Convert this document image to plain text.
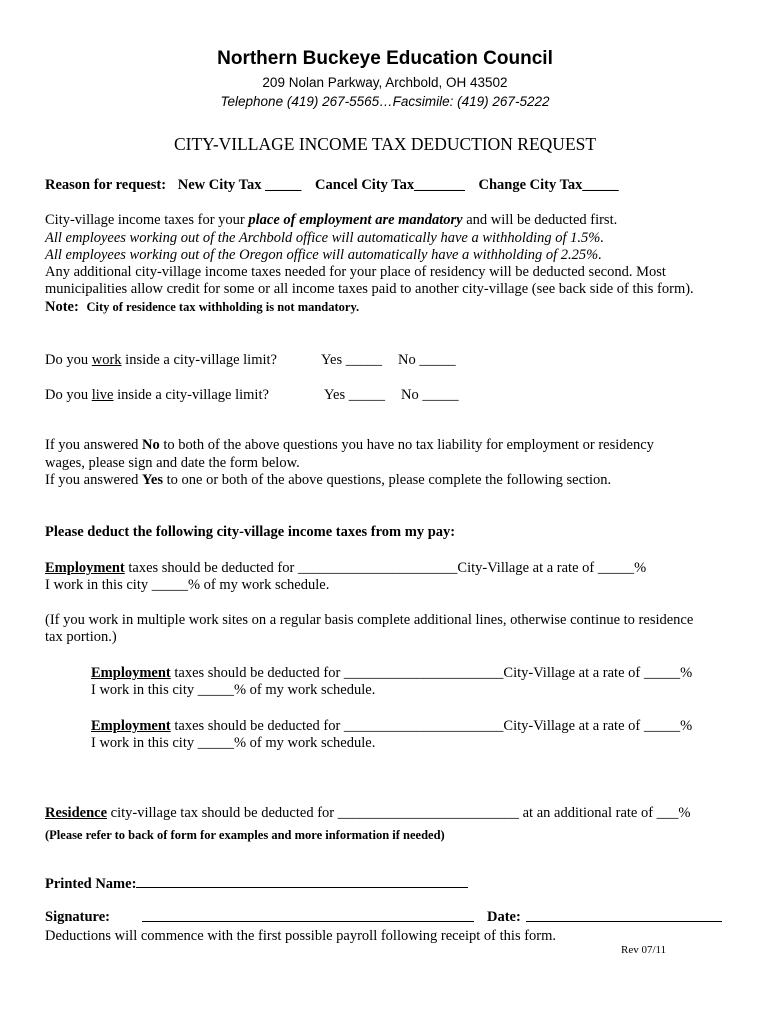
Northern Buckeye Education Council
209 Nolan Parkway, Archbold, OH 43502
Telephone (419) 267-5565…Facsimile: (419) 267-5222
CITY-VILLAGE INCOME TAX DEDUCTION REQUEST
Reason for request: New City Tax _____ Cancel City Tax_______ Change City Tax_____
City-village income taxes for your place of employment are mandatory and will be deducted first.
All employees working out of the Archbold office will automatically have a withholding of 1.5%.
All employees working out of the Oregon office will automatically have a withholding of 2.25%.
Any additional city-village income taxes needed for your place of residency will be deducted second. Most
municipalities allow credit for some or all income taxes paid to another city-village (see back side of this form).
Note: City of residence tax withholding is not mandatory.
Do you work inside a city-village limit?	Yes _____ No _____
Do you live inside a city-village limit?	Yes _____ No _____
If you answered No to both of the above questions you have no tax liability for employment or residency
wages, please sign and date the form below.
If you answered Yes to one or both of the above questions, please complete the following section.
Please deduct the following city-village income taxes from my pay:
Employment taxes should be deducted for ______________________City-Village at a rate of _____%
I work in this city _____% of my work schedule.
(If you work in multiple work sites on a regular basis complete additional lines, otherwise continue to residence
tax portion.)
Employment taxes should be deducted for ______________________City-Village at a rate of _____%
I work in this city _____% of my work schedule.
Employment taxes should be deducted for ______________________City-Village at a rate of _____%
I work in this city _____% of my work schedule.
Residence city-village tax should be deducted for _________________________ at an additional rate of ___%
(Please refer to back of form for examples and more information if needed)
Printed Name:
Signature:	Date:
Deductions will commence with the first possible payroll following receipt of this form.
Rev 07/11
